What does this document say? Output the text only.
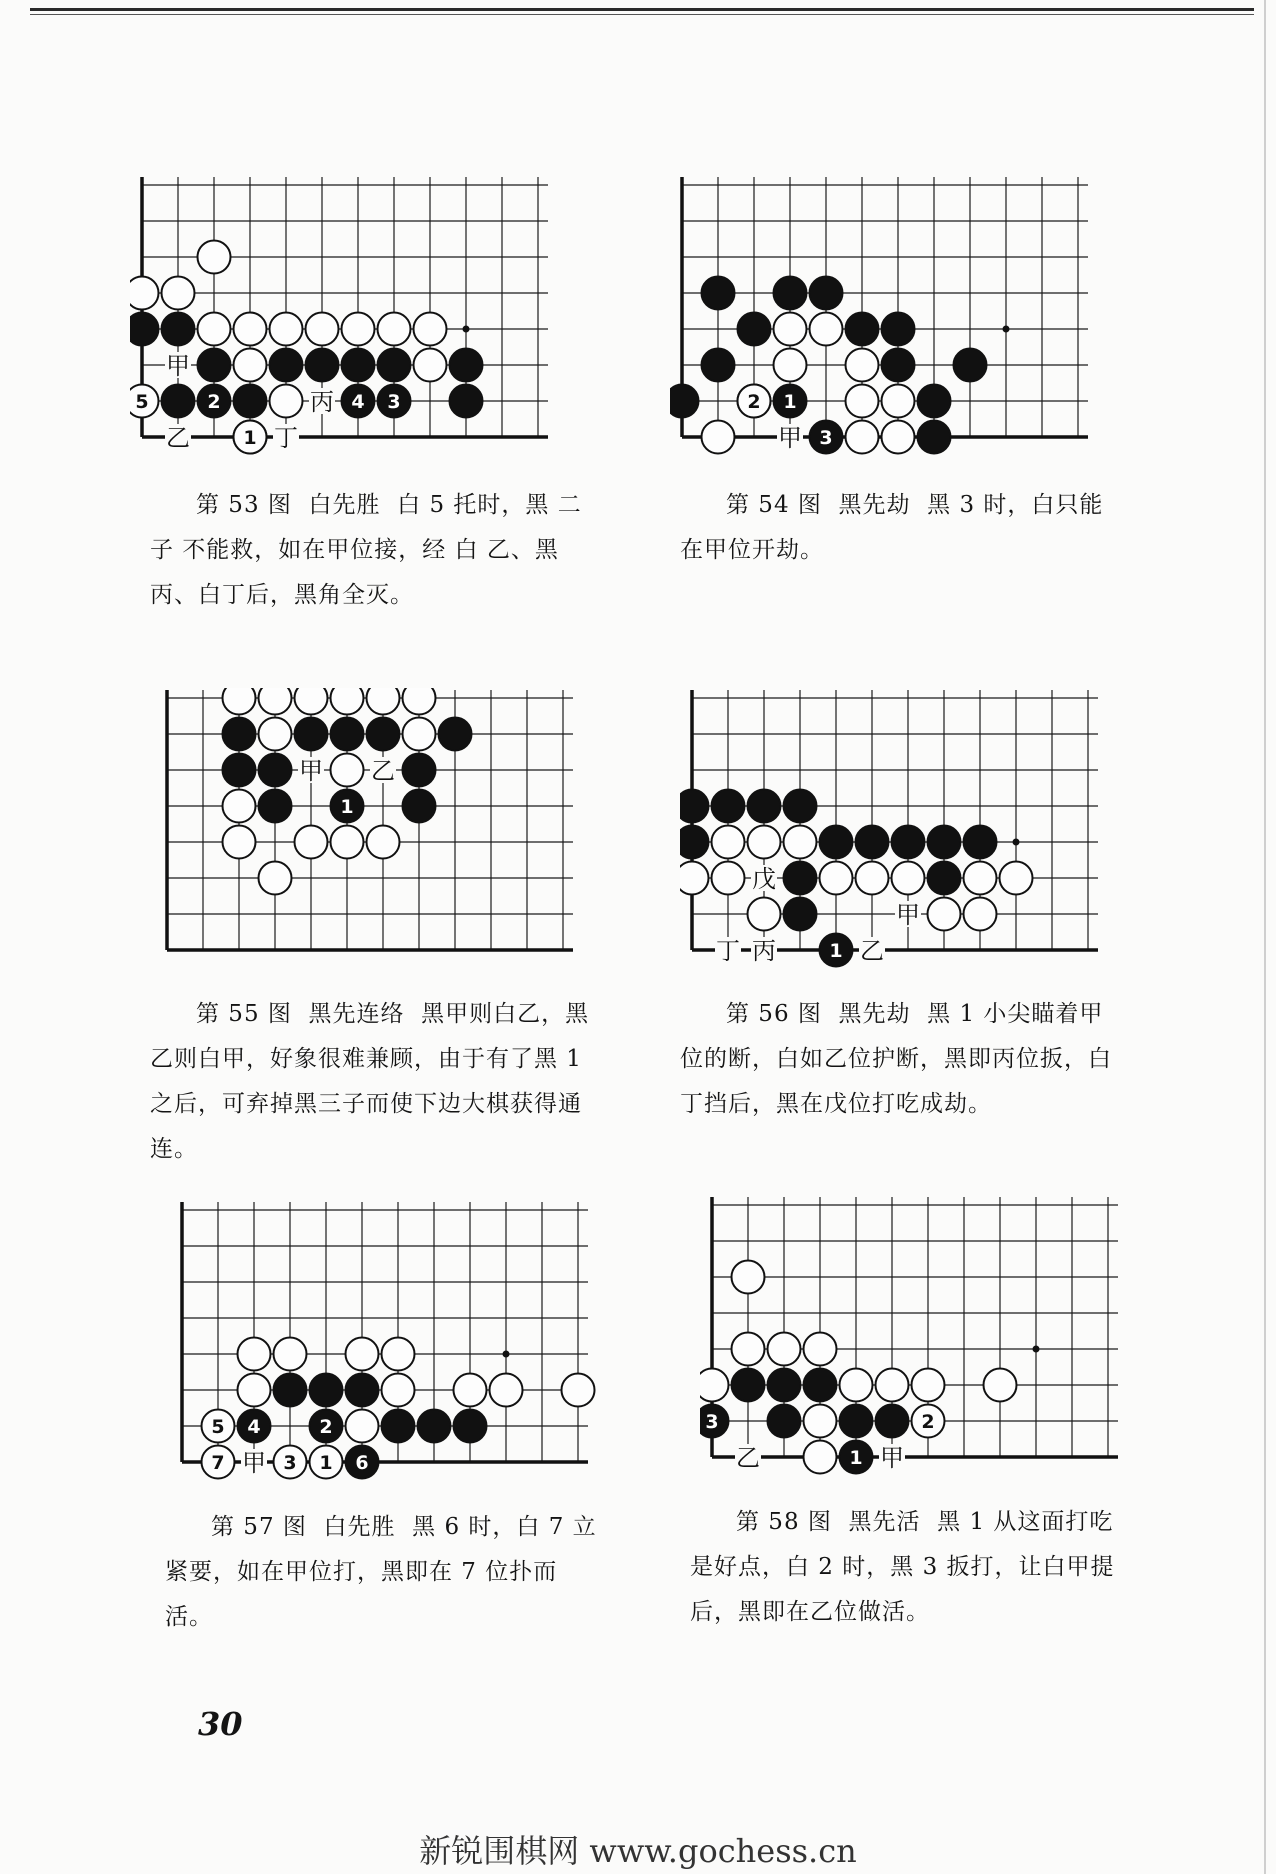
2	4 3
5
1
甲
乙
丙
丁

第 53 图 白先胜 白 5 托时，黑 二 子 不能救，如在甲位接，经 白 乙、黑丙、白丁后，黑角全灭。

1
3
2
甲

第 54 图 黑先劫 黑 3 时，白只能在甲位开劫。

1
甲 乙

第 55 图 黑先连络 黑甲则白乙，黑乙则白甲，好象很难兼顾，由于有了黑 1 之后，可弃掉黑三子而使下边大棋获得通连。

1
戊
甲
乙
丙
丁

第 56 图 黑先劫 黑 1 小尖瞄着甲位的断，白如乙位护断，黑即丙位扳，白丁挡后，黑在戊位打吃成劫。

4	2
6
5
7	3 1
甲

第 57 图 白先胜 黑 6 时，白 7 立紧要，如在甲位打，黑即在 7 位扑而活。

3
1
2
乙	甲

第 58 图 黑先活 黑 1 从这面打吃是好点，白 2 时，黑 3 扳打，让白甲提后，黑即在乙位做活。

30
新锐围棋网 www.gochess.cn
